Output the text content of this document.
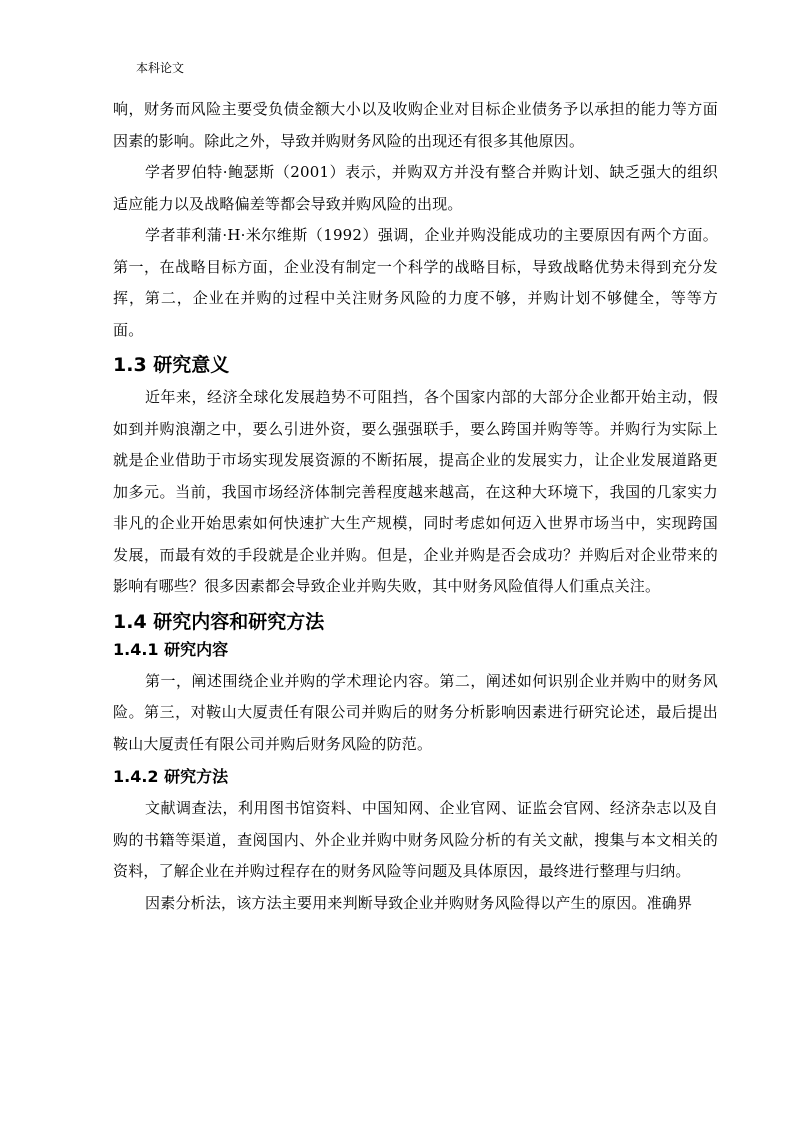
本科论文

响，财务而风险主要受负债金额大小以及收购企业对目标企业债务予以承担的能力等方面因素的影响。除此之外，导致并购财务风险的出现还有很多其他原因。

学者罗伯特·鲍瑟斯（2001）表示，并购双方并没有整合并购计划、缺乏强大的组织适应能力以及战略偏差等都会导致并购风险的出现。

学者菲利蒲·H·米尔维斯（1992）强调，企业并购没能成功的主要原因有两个方面。第一，在战略目标方面，企业没有制定一个科学的战略目标，导致战略优势未得到充分发挥，第二，企业在并购的过程中关注财务风险的力度不够，并购计划不够健全，等等方面。

1.3 研究意义

近年来，经济全球化发展趋势不可阻挡，各个国家内部的大部分企业都开始主动，假如到并购浪潮之中，要么引进外资，要么强强联手，要么跨国并购等等。并购行为实际上就是企业借助于市场实现发展资源的不断拓展，提高企业的发展实力，让企业发展道路更加多元。当前，我国市场经济体制完善程度越来越高，在这种大环境下，我国的几家实力非凡的企业开始思索如何快速扩大生产规模，同时考虑如何迈入世界市场当中，实现跨国发展，而最有效的手段就是企业并购。但是，企业并购是否会成功？并购后对企业带来的影响有哪些？很多因素都会导致企业并购失败，其中财务风险值得人们重点关注。

1.4 研究内容和研究方法
1.4.1 研究内容

第一，阐述围绕企业并购的学术理论内容。第二，阐述如何识别企业并购中的财务风险。第三，对鞍山大厦责任有限公司并购后的财务分析影响因素进行研究论述，最后提出鞍山大厦责任有限公司并购后财务风险的防范。

1.4.2 研究方法

文献调查法，利用图书馆资料、中国知网、企业官网、证监会官网、经济杂志以及自购的书籍等渠道，查阅国内、外企业并购中财务风险分析的有关文献，搜集与本文相关的资料，了解企业在并购过程存在的财务风险等问题及具体原因，最终进行整理与归纳。

因素分析法，该方法主要用来判断导致企业并购财务风险得以产生的原因。准确界
